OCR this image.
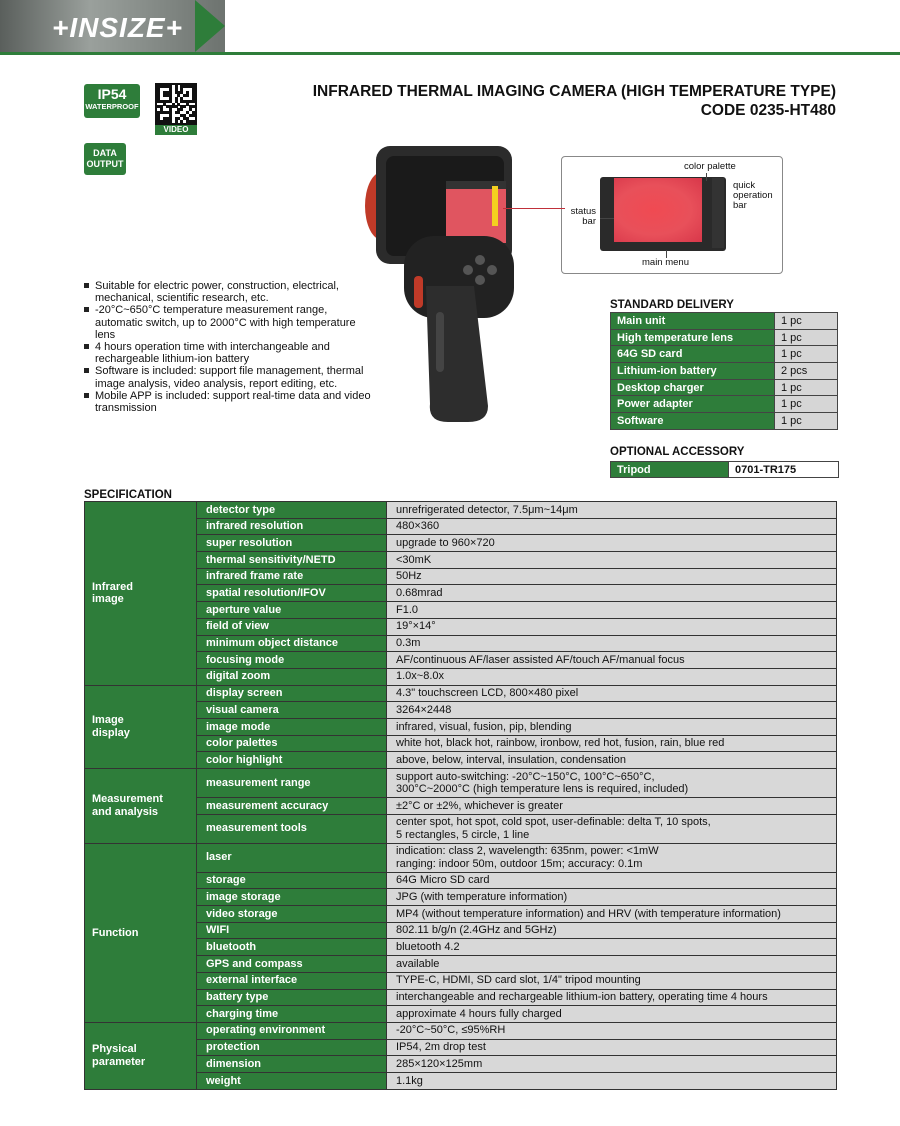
+INSIZE+
IP54
WATERPROOF
VIDEO
DATA
OUTPUT
INFRARED THERMAL IMAGING CAMERA (HIGH TEMPERATURE TYPE)
CODE 0235-HT480
color palette
quick
operation
bar
status
bar
main menu
Suitable for electric power, construction, electrical, mechanical, scientific research, etc.
-20°C~650°C temperature measurement range, automatic switch, up to 2000°C with high temperature lens
4 hours operation time with interchangeable and rechargeable lithium-ion battery
Software is included: support file management, thermal image analysis, video analysis, report editing, etc.
Mobile APP is included: support real-time data and video transmission
STANDARD DELIVERY
Main unit	1 pc
High temperature lens	1 pc
64G SD card	1 pc
Lithium-ion battery	2 pcs
Desktop charger	1 pc
Power adapter	1 pc
Software	1 pc
OPTIONAL ACCESSORY
Tripod	0701-TR175
SPECIFICATION
Infrared
image	detector type	unrefrigerated detector, 7.5μm~14μm
	infrared resolution	480×360
	super resolution	upgrade to 960×720
	thermal sensitivity/NETD	<30mK
	infrared frame rate	50Hz
	spatial resolution/IFOV	0.68mrad
	aperture value	F1.0
	field of view	19°×14°
	minimum object distance	0.3m
	focusing mode	AF/continuous AF/laser assisted AF/touch AF/manual focus
	digital zoom	1.0x~8.0x
Image
display	display screen	4.3" touchscreen LCD, 800×480 pixel
	visual camera	3264×2448
	image mode	infrared, visual, fusion, pip, blending
	color palettes	white hot, black hot, rainbow, ironbow, red hot, fusion, rain, blue red
	color highlight	above, below, interval, insulation, condensation
Measurement
and analysis	measurement range	support auto-switching: -20°C~150°C, 100°C~650°C,
300°C~2000°C (high temperature lens is required, included)
	measurement accuracy	±2°C or ±2%, whichever is greater
	measurement tools	center spot, hot spot, cold spot, user-definable: delta T, 10 spots,
5 rectangles, 5 circle, 1 line
Function	laser	indication: class 2, wavelength: 635nm, power: <1mW
ranging: indoor 50m, outdoor 15m; accuracy: 0.1m
	storage	64G Micro SD card
	image storage	JPG (with temperature information)
	video storage	MP4 (without temperature information) and HRV (with temperature information)
	WIFI	802.11 b/g/n (2.4GHz and 5GHz)
	bluetooth	bluetooth 4.2
	GPS and compass	available
	external interface	TYPE-C, HDMI, SD card slot, 1/4" tripod mounting
	battery type	interchangeable and rechargeable lithium-ion battery, operating time 4 hours
	charging time	approximate 4 hours fully charged
Physical
parameter	operating environment	-20°C~50°C, ≤95%RH
	protection	IP54, 2m drop test
	dimension	285×120×125mm
	weight	1.1kg
